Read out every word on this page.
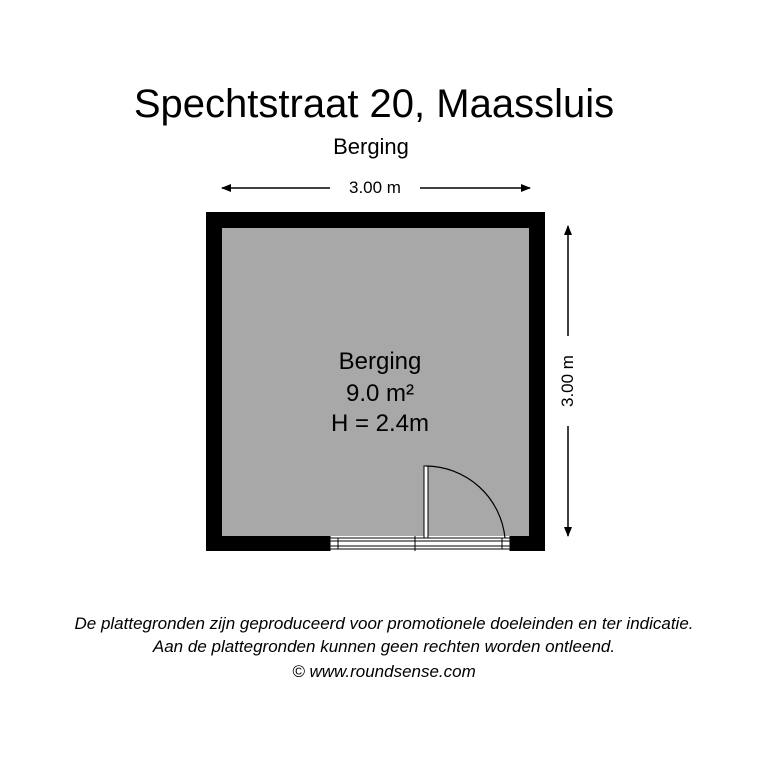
Spechtstraat 20, Maassluis
Berging
3.00 m
3.00 m
Berging
9.0 m²
H = 2.4m
De plattegronden zijn geproduceerd voor promotionele doeleinden en ter indicatie.
Aan de plattegronden kunnen geen rechten worden ontleend.
© www.roundsense.com
